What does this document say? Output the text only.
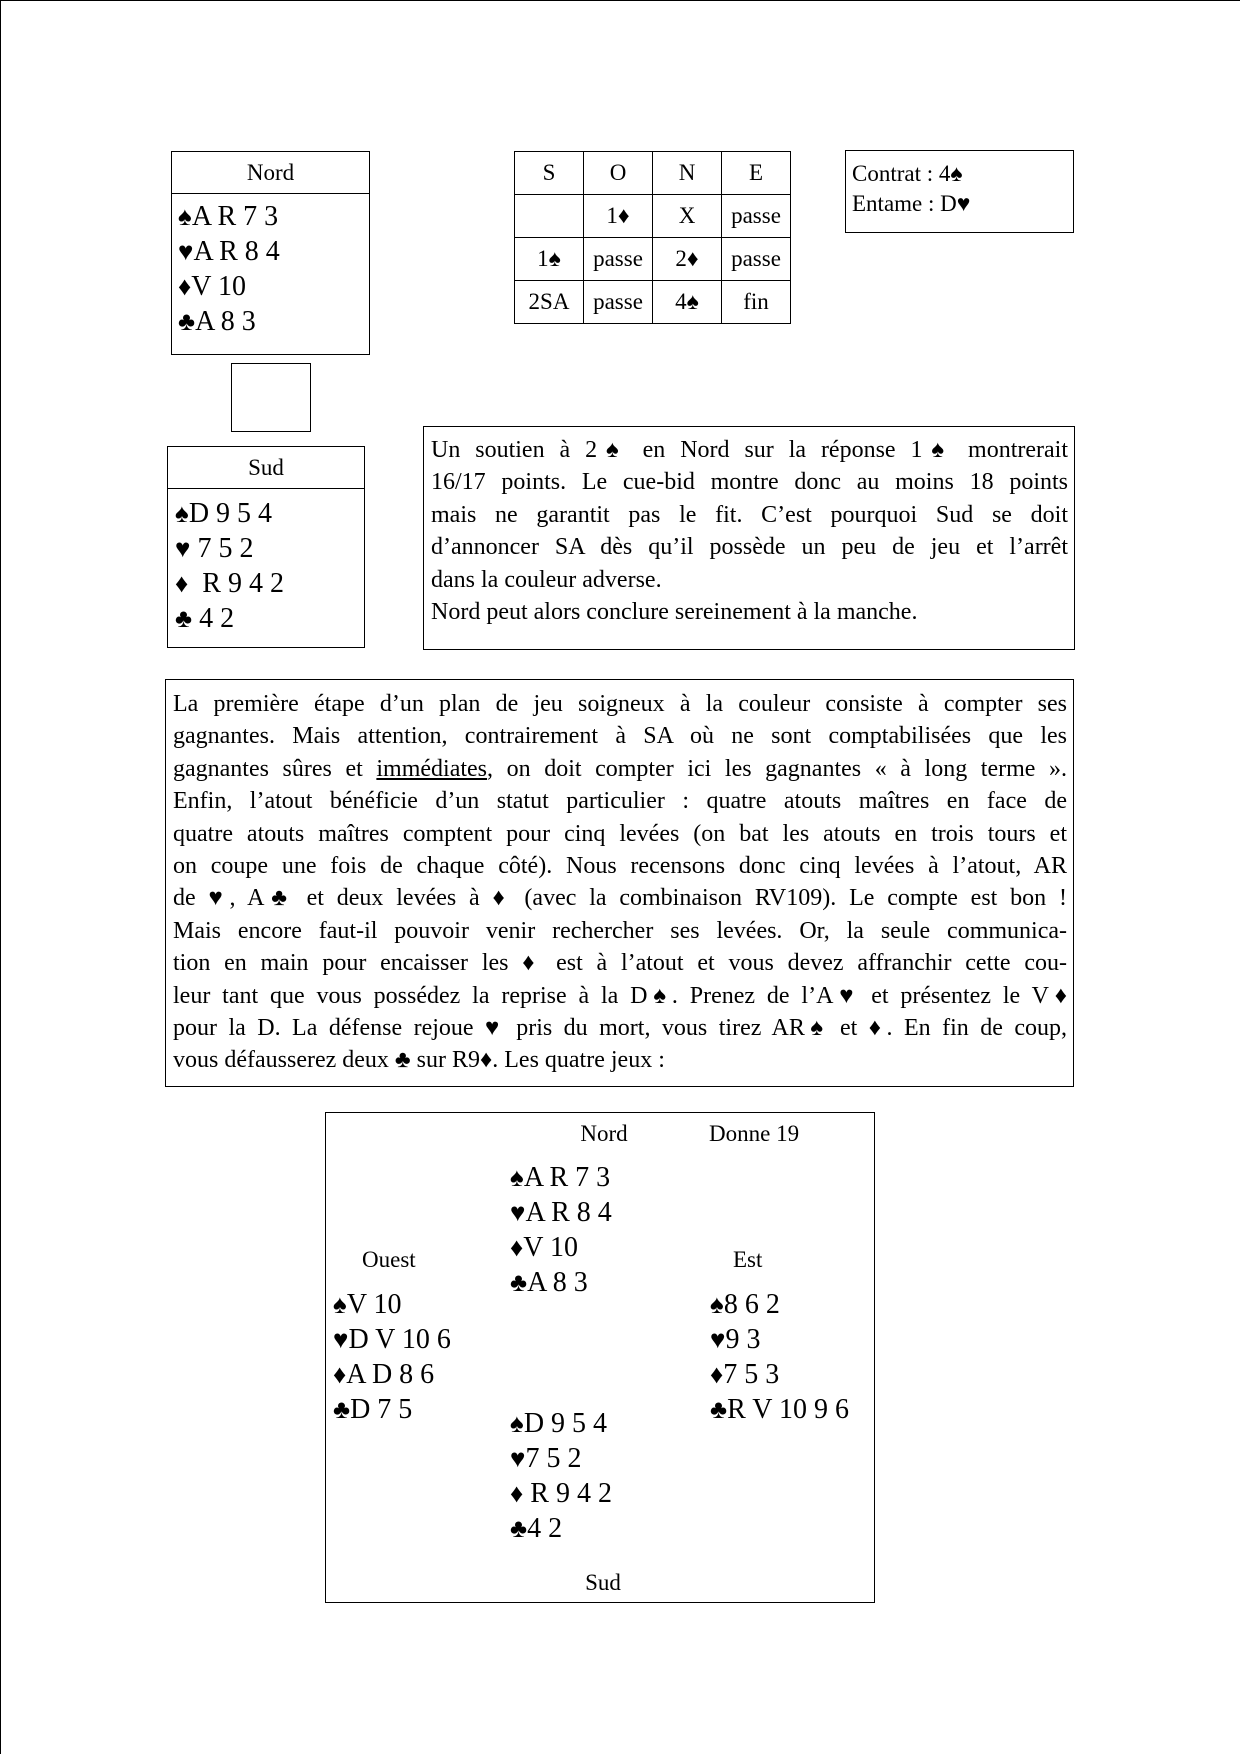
Nord
♠A R 7 3
♥A R 8 4
♦V 10
♣A 8 3
Sud
♠D 9 5 4
♥ 7 5 2
♦  R 9 4 2
♣ 4 2
S	O	N	E
	1♦	X	passe
1♠	passe	2♦	passe
2SA	passe	4♠	fin
Contrat : 4♠
Entame : D♥
Un soutien à 2♠ en Nord sur la réponse 1♠ montrerait
16/17 points. Le cue-bid montre donc au moins 18 points
mais ne garantit pas le fit. C’est pourquoi Sud se doit
d’annoncer SA dès qu’il possède un peu de jeu et l’arrêt
dans la couleur adverse.
Nord peut alors conclure sereinement à la manche.
La première étape d’un plan de jeu soigneux à la couleur consiste à compter ses
gagnantes. Mais attention, contrairement à SA où ne sont comptabilisées que les
gagnantes sûres et immédiates, on doit compter ici les gagnantes « à long terme ».
Enfin, l’atout bénéficie d’un statut particulier : quatre atouts maîtres en face de
quatre atouts maîtres comptent pour cinq levées (on bat les atouts en trois tours et
on coupe une fois de chaque côté). Nous recensons donc cinq levées à l’atout, AR
de ♥, A♣ et deux levées à ♦ (avec la combinaison RV109). Le compte est bon !
Mais encore faut-il pouvoir venir rechercher ses levées. Or, la seule communica-
tion en main pour encaisser les ♦ est à l’atout et vous devez affranchir cette cou-
leur tant que vous possédez la reprise à la D♠. Prenez de l’A♥ et présentez le V♦
pour la D. La défense rejoue ♥ pris du mort, vous tirez AR♠ et ♦. En fin de coup,
vous défausserez deux ♣ sur R9♦. Les quatre jeux :
Nord	Donne 19
♠A R 7 3
♥A R 8 4
♦V 10
♣A 8 3
Ouest
♠V 10
♥D V 10 6
♦A D 8 6
♣D 7 5
Est
♠8 6 2
♥9 3
♦7 5 3
♣R V 10 9 6
♠D 9 5 4
♥7 5 2
♦ R 9 4 2
♣4 2
Sud
